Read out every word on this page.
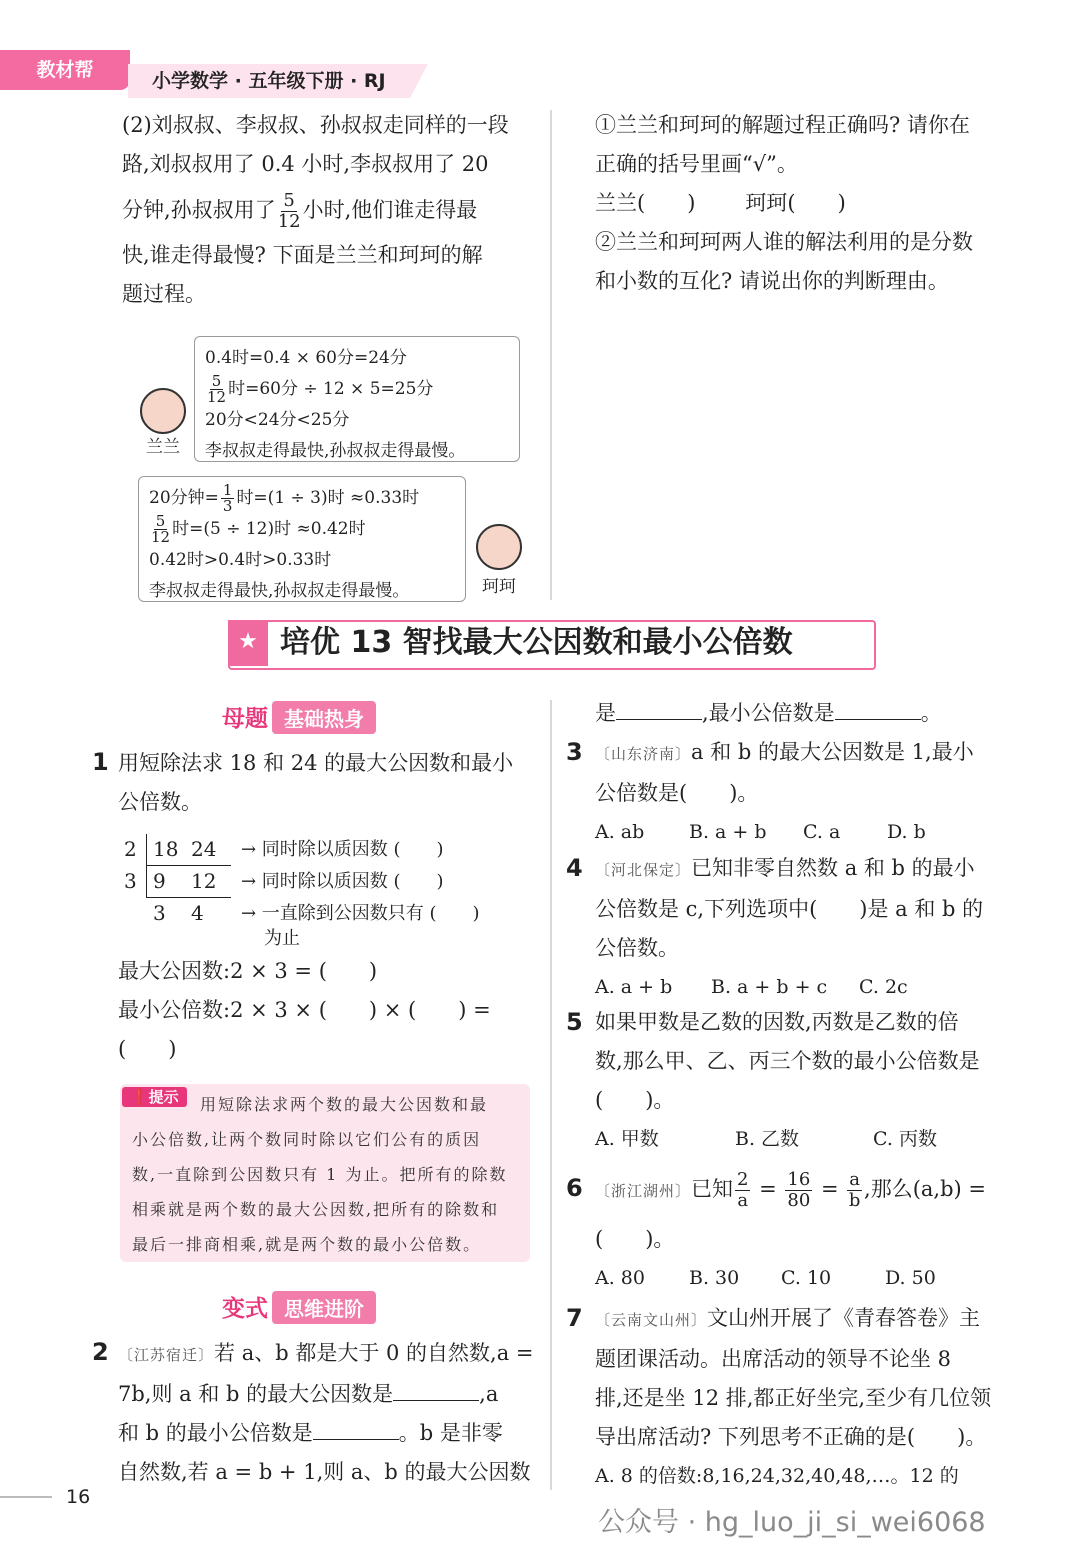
教材帮	小学数学 · 五年级下册 · RJ
(2)刘叔叔、李叔叔、孙叔叔走同样的一段
路,刘叔叔用了 0.4 小时,李叔叔用了 20
分钟,孙叔叔用了 $\frac{5}{12}$ 小时,他们谁走得最
快,谁走得最慢? 下面是兰兰和珂珂的解
题过程。
0.4时=0.4 × 60分=24分
$\frac{5}{12}$ 时=60分 ÷ 12 × 5=25分
20分<24分<25分
李叔叔走得最快,孙叔叔走得最慢。
兰兰
20分钟= $\frac{1}{3}$ 时=(1 ÷ 3)时 ≈0.33时
$\frac{5}{12}$ 时=(5 ÷ 12)时 ≈0.42时
0.42时>0.4时>0.33时
李叔叔走得最快,孙叔叔走得最慢。	珂珂
①兰兰和珂珂的解题过程正确吗? 请你在
正确的括号里画“√”。
兰兰(　　) 珂珂(　　)
②兰兰和珂珂两人谁的解法利用的是分数
和小数的互化? 请说出你的判断理由。
★ 培优 13 智找最大公因数和最小公倍数
母题 基础热身
1 用短除法求 18 和 24 的最大公因数和最小
公倍数。
2 18 24	→ 同时除以质因数 (　　)
3 9	12	→ 同时除以质因数 (　　)
3	4	→ 一直除到公因数只有 (　　)
为止
最大公因数:2 × 3 = (　　)
最小公倍数:2 × 3 × (　　) × (　　) =
(　　)
❗提示	用短除法求两个数的最大公因数和最
小公倍数,让两个数同时除以它们公有的质因
数,一直除到公因数只有 1 为止。把所有的除数
相乘就是两个数的最大公因数,把所有的除数和
最后一排商相乘,就是两个数的最小公倍数。
变式 思维进阶
2 〔江苏宿迁〕若 a、b 都是大于 0 的自然数,a =
7b,则 a 和 b 的最大公因数是	,a
和 b 的最小公倍数是	。b 是非零
自然数,若 a = b + 1,则 a、b 的最大公因数
是	,最小公倍数是	。
3 〔山东济南〕a 和 b 的最大公因数是 1,最小
公倍数是(　　)。
A. ab	B. a + b	C. a	D. b
4 〔河北保定〕已知非零自然数 a 和 b 的最小
公倍数是 c,下列选项中(　　)是 a 和 b 的
公倍数。
A. a + b	B. a + b + c	C. 2c
5 如果甲数是乙数的因数,丙数是乙数的倍
数,那么甲、乙、丙三个数的最小公倍数是
(　　)。
A. 甲数	B. 乙数	C. 丙数
6 〔浙江湖州〕已知 $\frac{2}{a} = \frac{16}{80} = \frac{a}{b}$ ,那么(a,b) =
(　　)。
A. 80	B. 30	C. 10	D. 50
7 〔云南文山州〕文山州开展了《青春答卷》主
题团课活动。出席活动的领导不论坐 8
排,还是坐 12 排,都正好坐完,至少有几位领
导出席活动? 下列思考不正确的是(　　)。
A. 8 的倍数:8,16,24,32,40,48,…。12 的
16
公众号 · hg_luo_ji_si_wei6068
